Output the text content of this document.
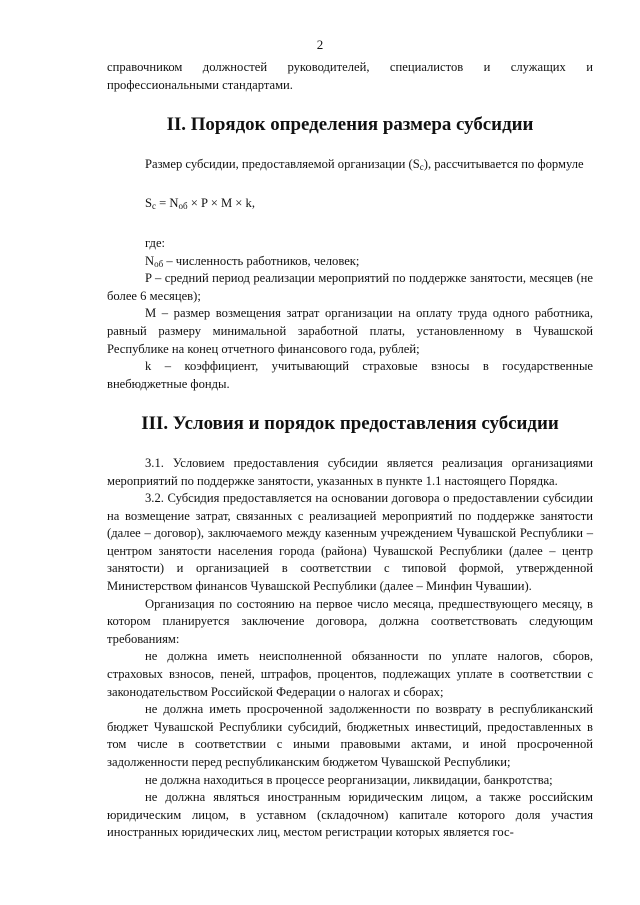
2

справочником должностей руководителей, специалистов и служащих и профессиональными стандартами.

II. Порядок определения размера субсидии

Размер субсидии, предоставляемой организации $(S_c)$, рассчитывается по формуле

$S_c = N_{об} \times P \times M \times k$,

где:

$N_{об}$ – численность работников, человек;

P – средний период реализации мероприятий по поддержке занятости, месяцев (не более 6 месяцев);

M – размер возмещения затрат организации на оплату труда одного работника, равный размеру минимальной заработной платы, установленному в Чувашской Республике на конец отчетного финансового года, рублей;

k – коэффициент, учитывающий страховые взносы в государственные внебюджетные фонды.

III. Условия и порядок предоставления субсидии

3.1. Условием предоставления субсидии является реализация организациями мероприятий по поддержке занятости, указанных в пункте 1.1 настоящего Порядка.

3.2. Субсидия предоставляется на основании договора о предоставлении субсидии на возмещение затрат, связанных с реализацией мероприятий по поддержке занятости (далее – договор), заключаемого между казенным учреждением Чувашской Республики – центром занятости населения города (района) Чувашской Республики (далее – центр занятости) и организацией в соответствии с типовой формой, утвержденной Министерством финансов Чувашской Республики (далее – Минфин Чувашии).

Организация по состоянию на первое число месяца, предшествующего месяцу, в котором планируется заключение договора, должна соответствовать следующим требованиям:

не должна иметь неисполненной обязанности по уплате налогов, сборов, страховых взносов, пеней, штрафов, процентов, подлежащих уплате в соответствии с законодательством Российской Федерации о налогах и сборах;

не должна иметь просроченной задолженности по возврату в республиканский бюджет Чувашской Республики субсидий, бюджетных инвестиций, предоставленных в том числе в соответствии с иными правовыми актами, и иной просроченной задолженности перед республиканским бюджетом Чувашской Республики;

не должна находиться в процессе реорганизации, ликвидации, банкротства;

не должна являться иностранным юридическим лицом, а также российским юридическим лицом, в уставном (складочном) капитале которого доля участия иностранных юридических лиц, местом регистрации которых является гос-
